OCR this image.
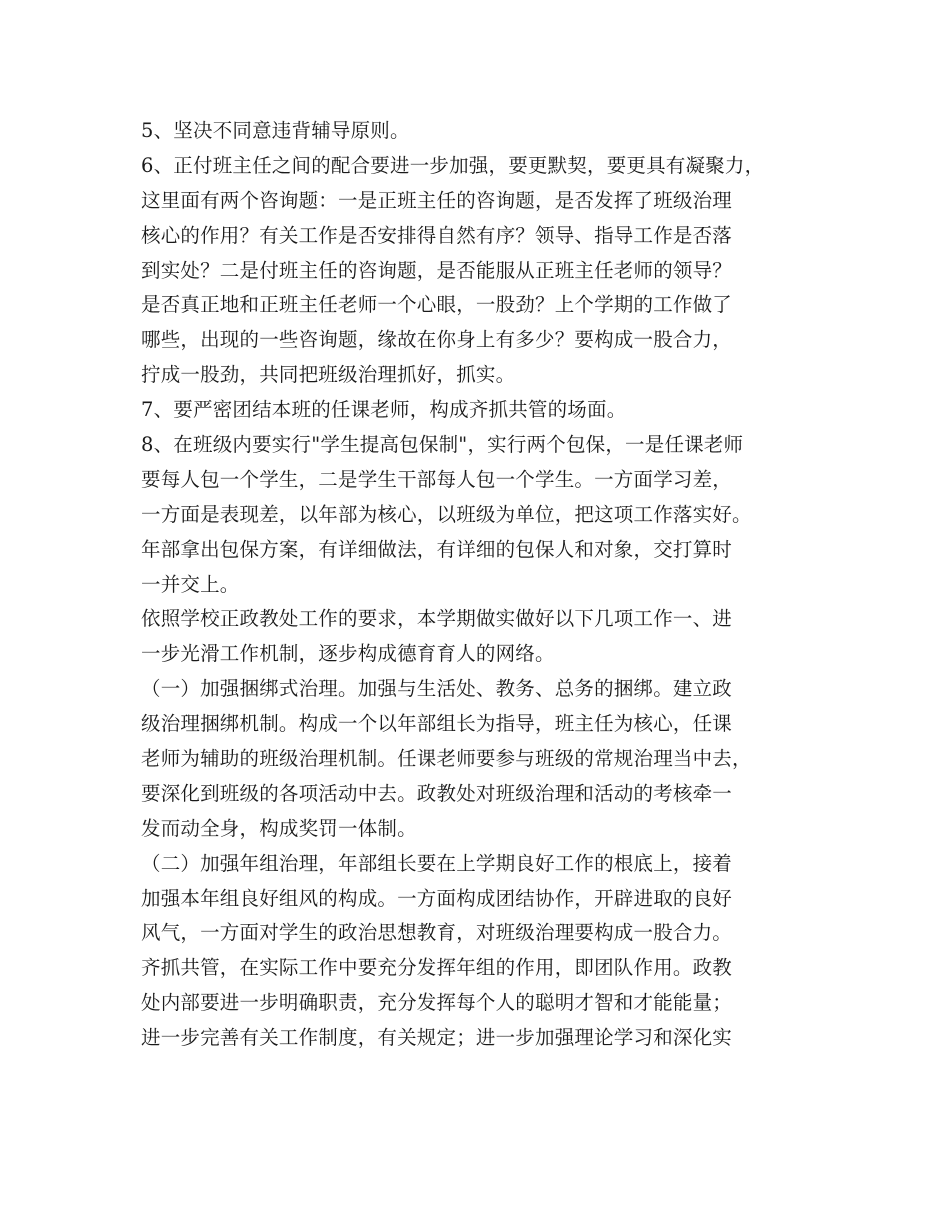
5、坚决不同意违背辅导原则。
6、正付班主任之间的配合要进一步加强，要更默契，要更具有凝聚力，
这里面有两个咨询题：一是正班主任的咨询题，是否发挥了班级治理
核心的作用？有关工作是否安排得自然有序？领导、指导工作是否落
到实处？二是付班主任的咨询题，是否能服从正班主任老师的领导？
是否真正地和正班主任老师一个心眼，一股劲？上个学期的工作做了
哪些，出现的一些咨询题，缘故在你身上有多少？要构成一股合力，
拧成一股劲，共同把班级治理抓好，抓实。
7、要严密团结本班的任课老师，构成齐抓共管的场面。
8、在班级内要实行"学生提高包保制"，实行两个包保，一是任课老师
要每人包一个学生，二是学生干部每人包一个学生。一方面学习差，
一方面是表现差，以年部为核心，以班级为单位，把这项工作落实好。
年部拿出包保方案，有详细做法，有详细的包保人和对象，交打算时
一并交上。
依照学校正政教处工作的要求，本学期做实做好以下几项工作一、进
一步光滑工作机制，逐步构成德育育人的网络。
（一）加强捆绑式治理。加强与生活处、教务、总务的捆绑。建立政
级治理捆绑机制。构成一个以年部组长为指导，班主任为核心，任课
老师为辅助的班级治理机制。任课老师要参与班级的常规治理当中去，
要深化到班级的各项活动中去。政教处对班级治理和活动的考核牵一
发而动全身，构成奖罚一体制。
（二）加强年组治理，年部组长要在上学期良好工作的根底上，接着
加强本年组良好组风的构成。一方面构成团结协作，开辟进取的良好
风气，一方面对学生的政治思想教育，对班级治理要构成一股合力。
齐抓共管，在实际工作中要充分发挥年组的作用，即团队作用。政教
处内部要进一步明确职责，充分发挥每个人的聪明才智和才能能量；
进一步完善有关工作制度，有关规定；进一步加强理论学习和深化实
